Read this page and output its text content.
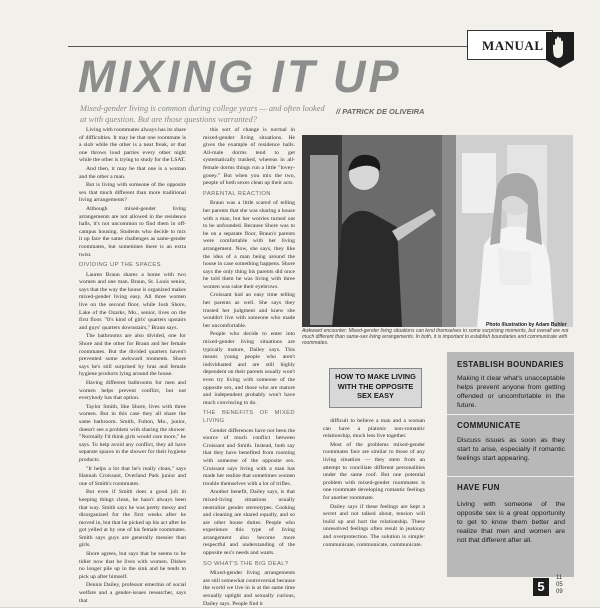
MANUAL
MIXING IT UP
Mixed-gender living is common during college years — and often looked at with question. But are those questions warranted?
// PATRICK DE OLIVEIRA

Living with roommates always has its share of difficulties. It may be that one roommate is a slob while the other is a neat freak, or that one throws loud parties every other night while the other is trying to study for the LSAT.

And then, it may be that one is a woman and the other a man.

But is living with someone of the opposite sex that much different than more traditional living arrangements?

Although mixed-gender living arrangements are not allowed in the residence halls, it's not uncommon to find them in off-campus housing. Students who decide to mix it up face the same challenges as same-gender roommates, but sometimes there is an extra twist.

DIVIDING UP THE SPACES

Lauren Braun shares a home with two women and one man. Braun, St. Louis senior, says that the way the house is organized makes mixed-gender living easy. All three women live on the second floor, while Josh Shore, Lake of the Ozarks, Mo., senior, lives on the first floor. "It's kind of girls' quarters upstairs and guys' quarters downstairs," Braun says.

The bathrooms are also divided, one for Shore and the other for Braun and her female roommates. But the divided quarters haven't prevented some awkward moments. Shore says he's still surprised by bras and female hygiene products lying around the house.

Having different bathrooms for men and women helps prevent conflict, but not everybody has that option.

Taylor Smith, like Shore, lives with three women. But in this case they all share the same bathroom. Smith, Fulton, Mo., junior, doesn't see a problem with sharing the shower. "Normally I'd think girls would care more," he says. To help avoid any conflict, they all have separate spaces in the shower for their hygiene products.

"It helps a lot that he's really clean," says Hannah Croissant, Overland Park junior and one of Smith's roommates.

But even if Smith does a good job in keeping things clean, he hasn't always been that way. Smith says he was pretty messy and disorganized for the first weeks after he moved in, but that he picked up his act after he got yelled at by one of his female roommates. Smith says guys are generally messier than girls.

Shore agrees, but says that he seems to be tidier now that he lives with women. Dishes no longer pile up in the sink and he tends to pick up after himself.

Dennis Dailey, professor emeritus of social welfare and a gender-issues researcher, says that

this sort of change is normal in mixed-gender living situations. He gives the example of residence halls. All-male dorms tend to get systematically trashed, whereas in all-female dorms things run a little "lovey-gooey." But when you mix the two, people of both sexes clean up their acts.

PARENTAL REACTION

Braun was a little scared of telling her parents that she was sharing a house with a man, but her worries turned out to be unfounded. Because Shore was to be on a separate floor, Braun's parents were comfortable with her living arrangement. Now, she says, they like the idea of a man being around the house in case something happens. Shore says the only thing his parents did once he told them he was living with three women was raise their eyebrows.

Croissant had an easy time telling her parents as well. She says they trusted her judgment and knew she wouldn't live with someone who made her uncomfortable.

People who decide to enter into mixed-gender living situations are typically mature, Dailey says. This means young people who aren't individuated and are still highly dependent on their parents usually won't even try living with someone of the opposite sex, and those who are mature and independent probably won't have much convincing to do.

THE BENEFITS OF MIXED LIVING

Gender differences have not been the source of much conflict between Croissant and Smith. Instead, both say that they have benefited from rooming with someone of the opposite sex. Croissant says living with a man has made her realize that sometimes women trouble themselves with a lot of trifles.

Another benefit, Dailey says, is that mixed-living situations usually neutralize gender stereotypes. Cooking and cleaning are shared equally, and so are other house duties. People who experience this type of living arrangement also become more respectful and understanding of the opposite sex's needs and wants.

SO WHAT'S THE BIG DEAL?

Mixed-gender living arrangements are still somewhat controversial because the world we live in is at the same time sexually uptight and sexually curious, Dailey says. People find it

Photo illustration by Adam Buhler
Awkward encounter: Mixed-gender living situations can lend themselves to some surprising moments, but overall are not much different than same-sex living arrangements. In both, it is important to establish boundaries and communicate with roommates.
HOW TO MAKE LIVING WITH THE OPPOSITE SEX EASY

difficult to believe a man and a woman can have a platonic non-romantic relationship, much less live together.

Most of the problems mixed-gender roommates face are similar to those of any living situation — they stem from an attempt to conciliate different personalities under the same roof. But one potential problem with mixed-gender roommates is one roommate developing romantic feelings for another roommate.

Dailey says if these feelings are kept a secret and not talked about, tension will build up and hurt the relationship. These unresolved feelings often result in jealousy and overprotection. The solution is simple: communicate, communicate, communicate.

ESTABLISH BOUNDARIES
Making it clear what's unacceptable helps prevent anyone from getting offended or uncomfortable in the future.
COMMUNICATE
Discuss issues as soon as they start to arise, especially if romantic feelings start appearing.
HAVE FUN
Living with someone of the opposite sex is a great opportunity to get to know them better and realize that men and women are not that different after all.
5
11
05
09
